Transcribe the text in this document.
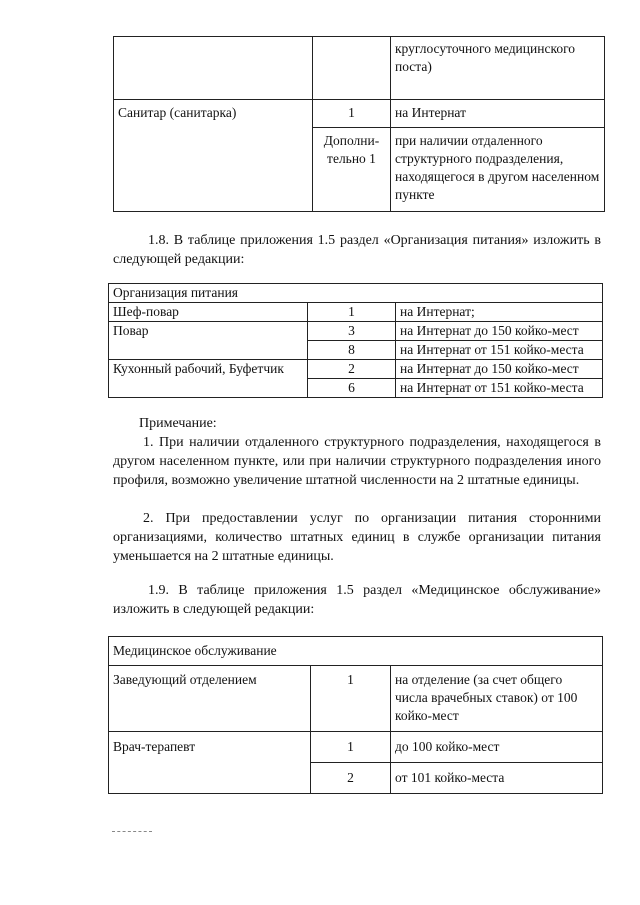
		круглосуточного медицинского поста)
Санитар (санитарка)	1	на Интернат
	Дополни-тельно 1	при наличии отдаленного структурного подразделения, находящегося в другом населенном пункте
1.8. В таблице приложения 1.5 раздел «Организация питания» изложить в следующей редакции:
Организация питания		
Шеф-повар	1	на Интернат;
Повар	3	на Интернат до 150 койко-мест
	8	на Интернат от 151 койко-места
Кухонный рабочий, Буфетчик	2	на Интернат до 150 койко-мест
	6	на Интернат от 151 койко-места
Примечание:
1. При наличии отдаленного структурного подразделения, находящегося в другом населенном пункте, или при наличии структурного подразделения иного профиля, возможно увеличение штатной численности на 2 штатные единицы.
2. При предоставлении услуг по организации питания сторонними организациями, количество штатных единиц в службе организации питания уменьшается на 2 штатные единицы.
1.9. В таблице приложения 1.5 раздел «Медицинское обслуживание» изложить в следующей редакции:
Медицинское обслуживание		
Заведующий отделением	1	на отделение (за счет общего числа врачебных ставок) от 100 койко-мест
Врач-терапевт	1	до 100 койко-мест
	2	от 101 койко-места
